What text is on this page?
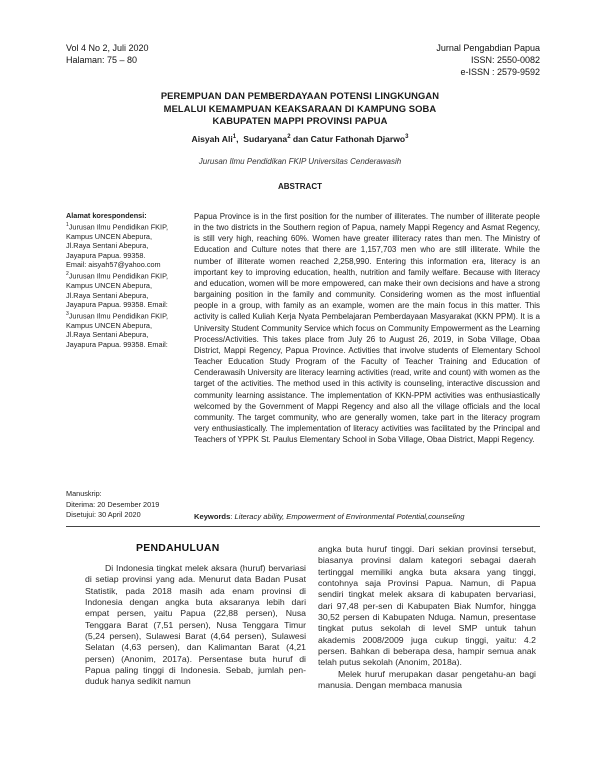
Vol 4 No 2, Juli 2020
Halaman: 75 – 80
Jurnal Pengabdian Papua
ISSN: 2550-0082
e-ISSN : 2579-9592
PEREMPUAN DAN PEMBERDAYAAN POTENSI LINGKUNGAN
MELALUI KEMAMPUAN KEAKSARAAN DI KAMPUNG SOBA
KABUPATEN MAPPI PROVINSI PAPUA
Aisyah Ali$^1$,  Sudaryana$^2$ dan Catur Fathonah Djarwo$^3$
Jurusan Ilmu Pendidikan FKIP Universitas Cenderawasih
ABSTRACT
Alamat korespondensi:
$^1$Jurusan Ilmu Pendidikan FKIP,
Kampus UNCEN Abepura,
Jl.Raya Sentani Abepura,
Jayapura Papua. 99358.
Email: aisyah57@yahoo.com
$^2$Jurusan Ilmu Pendidikan FKIP,
Kampus UNCEN Abepura,
Jl.Raya Sentani Abepura,
Jayapura Papua. 99358. Email:
$^3$Jurusan Ilmu Pendidikan FKIP,
Kampus UNCEN Abepura,
Jl.Raya Sentani Abepura,
Jayapura Papua. 99358. Email:
Papua Province is in the first position for the number of illiterates. The number of illiterate people in the two districts in the Southern region of Papua, namely Mappi Regency and Asmat Regency, is still very high, reaching 60%. Women have greater illiteracy rates than men. The Ministry of Education and Culture notes that there are 1,157,703 men who are still illiterate. While the number of illiterate women reached 2,258,990. Entering this information era, literacy is an important key to improving education, health, nutrition and family welfare. Because with literacy and education, women will be more empowered, can make their own decisions and have a strong bargaining position in the family and community. Considering women as the most influential people in a group, with family as an example, women are the main focus in this matter. This activity is called Kuliah Kerja Nyata Pembelajaran Pemberdayaan Masyarakat (KKN PPM). It is a University Student Community Service which focus on Community Empowerment as the Learning Process/Activities. This takes place from July 26 to August 26, 2019, in Soba Village, Obaa District, Mappi Regency, Papua Province. Activities that involve students of Elementary School Teacher Education Study Program of the Faculty of Teacher Training and Education of Cenderawasih University are literacy learning activities (read, write and count) with women as the target of the activities. The method used in this activity is counseling, interactive discussion and community learning assistance. The implementation of KKN-PPM activities was enthusiastically welcomed by the Government of Mappi Regency and also all the village officials and the local community. The target community, who are generally women, take part in the literacy program very enthusiastically. The implementation of literacy activities was facilitated by the Principal and Teachers of YPPK St. Paulus Elementary School in Soba Village, Obaa District, Mappi Regency.
Manuskrip:
Diterima: 20 Desember 2019
Disetujui: 30 April 2020	Keywords: Literacy ability, Empowerment of Environmental Potential,counseling
PENDAHULUAN

Di Indonesia tingkat melek aksara (huruf) bervariasi di setiap provinsi yang ada. Menurut data Badan Pusat Statistik, pada 2018 masih ada enam provinsi di Indonesia dengan angka buta aksaranya lebih dari empat persen, yaitu Papua (22,88 persen), Nusa Tenggara Barat (7,51 persen), Nusa Tenggara Timur (5,24 persen), Sulawesi Barat (4,64 persen), Sulawesi Selatan (4,63 persen), dan Kalimantan Barat (4,21 persen) (Anonim, 2017a). Persentase buta huruf di Papua paling tinggi di Indonesia. Sebab, jumlah pen-duduk hanya sedikit namun

angka buta huruf tinggi. Dari sekian provinsi tersebut, biasanya provinsi dalam kategori sebagai daerah tertinggal memiliki angka buta aksara yang tinggi, contohnya saja Provinsi Papua. Namun, di Papua sendiri tingkat melek aksara di kabupaten bervariasi, dari 97,48 per-sen di Kabupaten Biak Numfor, hingga 30,52 persen di Kabupaten Nduga. Namun, presentase tingkat putus sekolah di level SMP untuk tahun akademis 2008/2009 juga cukup tinggi, yaitu: 4.2 persen. Bahkan di beberapa desa, hampir semua anak telah putus sekolah (Anonim, 2018a).

Melek huruf merupakan dasar pengetahu-an bagi manusia. Dengan membaca manusia
